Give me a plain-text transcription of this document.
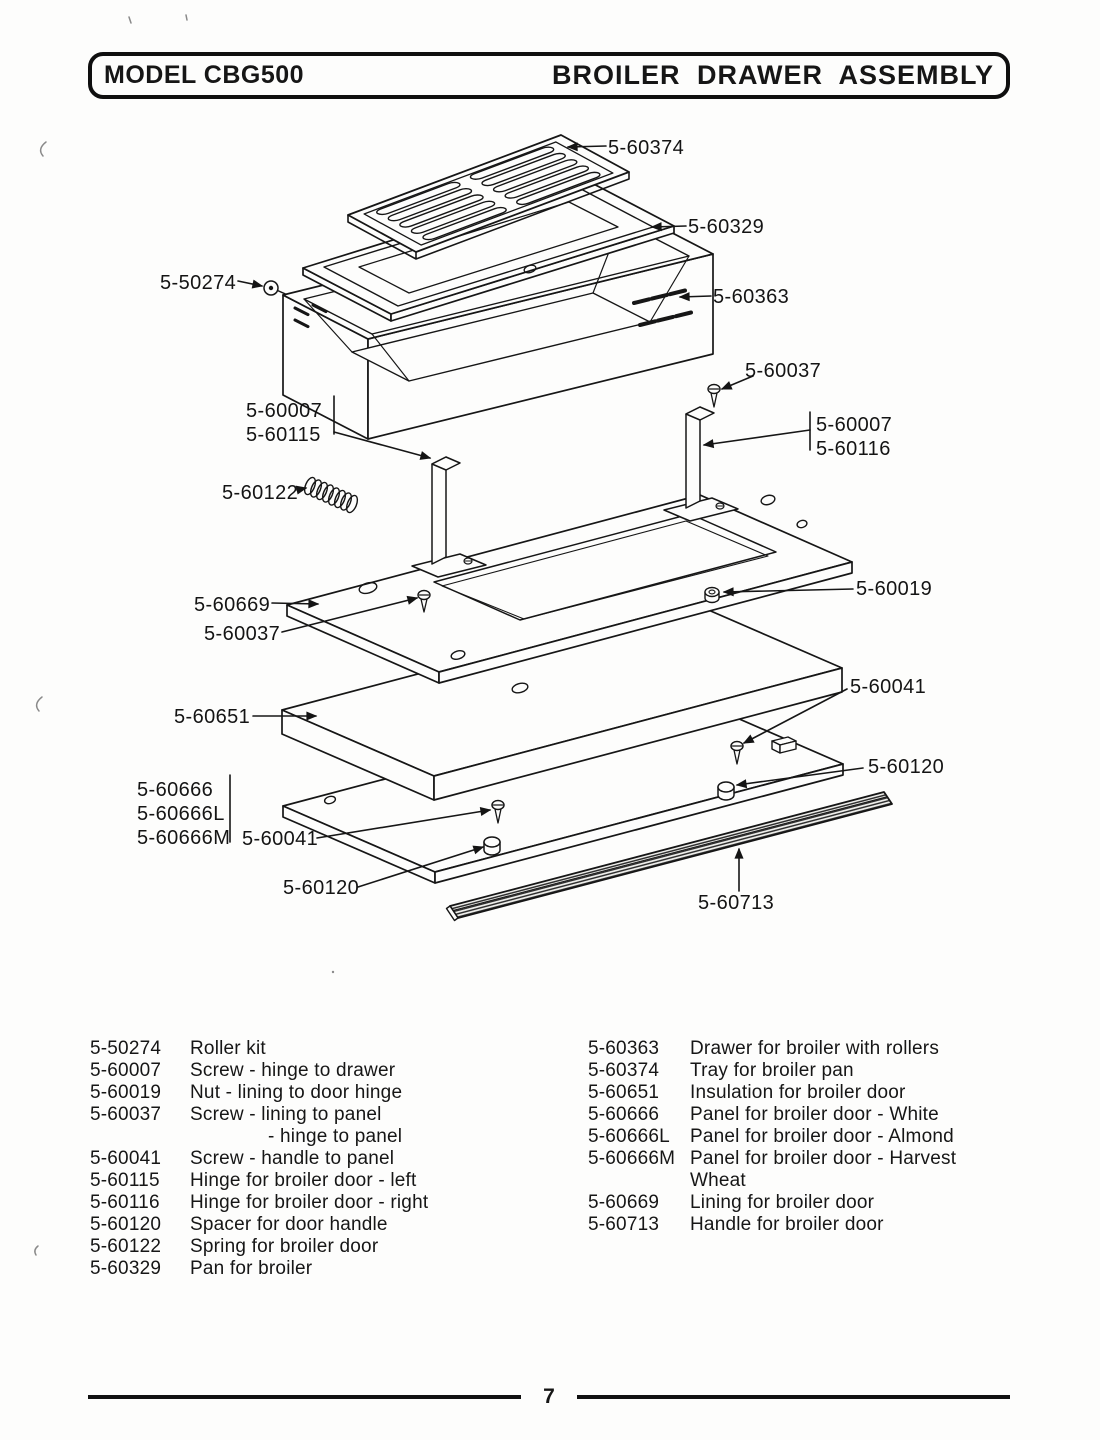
MODEL CBG500	BROILER DRAWER ASSEMBLY
5-60374
5-60329
5-50274
5-60363
5-60037
5-60007
5-60115	5-60007
5-60116
5-60122
5-60019
5-60669
5-60037
5-60041
5-60651
5-60120
5-60666
5-60666L
5-60666M 5-60041
5-60120
5-60713
5-50274	Roller kit
5-60007	Screw - hinge to drawer
5-60019	Nut - lining to door hinge
5-60037	Screw - lining to panel
- hinge to panel
5-60041	Screw - handle to panel
5-60115	Hinge for broiler door - left
5-60116	Hinge for broiler door - right
5-60120	Spacer for door handle
5-60122	Spring for broiler door
5-60329	Pan for broiler
5-60363	Drawer for broiler with rollers
5-60374	Tray for broiler pan
5-60651	Insulation for broiler door
5-60666	Panel for broiler door - White
5-60666L	Panel for broiler door - Almond
5-60666M Panel for broiler door - Harvest
Wheat
5-60669	Lining for broiler door
5-60713	Handle for broiler door
7
